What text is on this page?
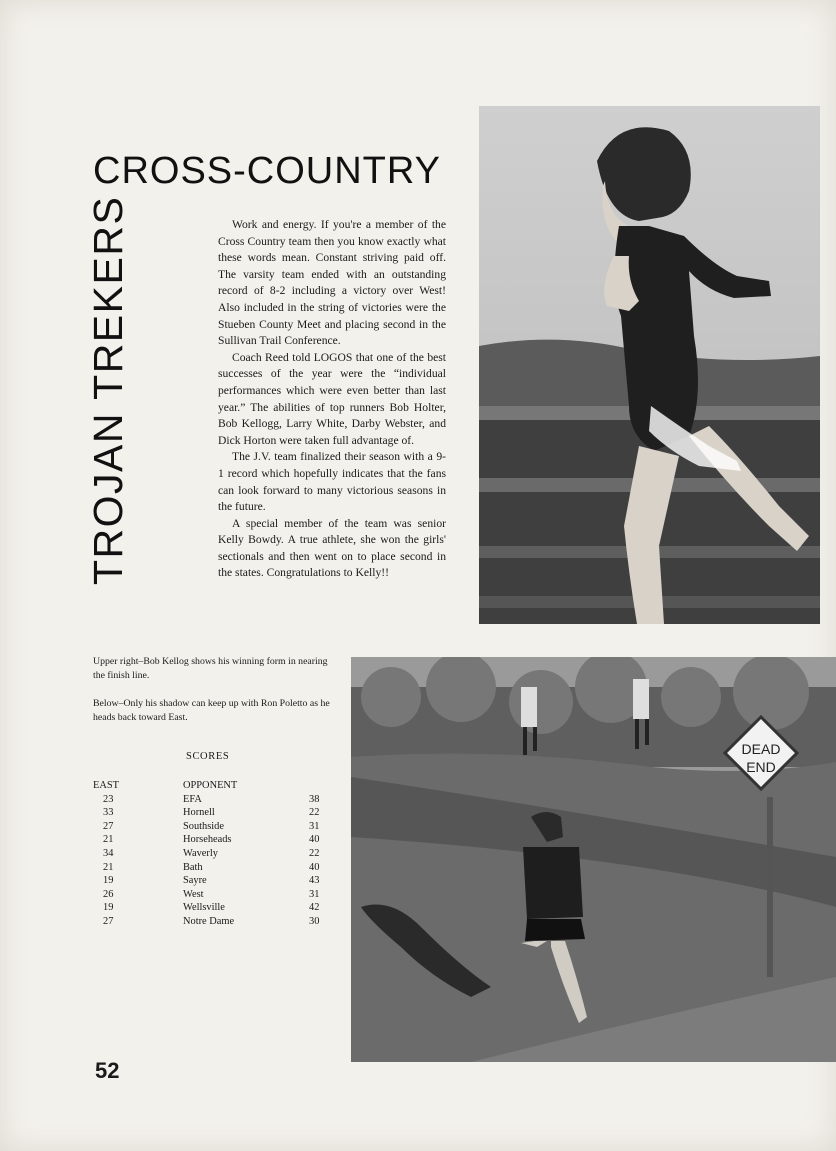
CROSS-COUNTRY
TROJAN TREKERS	Work and energy. If you're a member of the Cross Country team then you know exactly what these words mean. Constant striving paid off. The varsity team ended with an outstanding record of 8-2 including a victory over West! Also included in the string of victories were the Stueben County Meet and placing second in the Sullivan Trail Conference.

Coach Reed told LOGOS that one of the best successes of the year were the “individual performances which were even better than last year.” The abilities of top runners Bob Holter, Bob Kellogg, Larry White, Darby Webster, and Dick Horton were taken full advantage of.

The J.V. team finalized their season with a 9-1 record which hopefully indicates that the fans can look forward to many victorious seasons in the future.

A special member of the team was senior Kelly Bowdy. A true athlete, she won the girls' sectionals and then went on to place second in the states. Congratulations to Kelly!!

Upper right–Bob Kellog shows his winning form in nearing the finish line.
Below–Only his shadow can keep up with Ron Poletto as he heads back toward East.
SCORES
EAST	OPPONENT
23	EFA	38
33	Hornell	22
27	Southside	31
21	Horseheads	40
34	Waverly	22
21	Bath	40
19	Sayre	43
26	West	31
19	Wellsville	42
27	Notre Dame	30
DEAD
END
52
